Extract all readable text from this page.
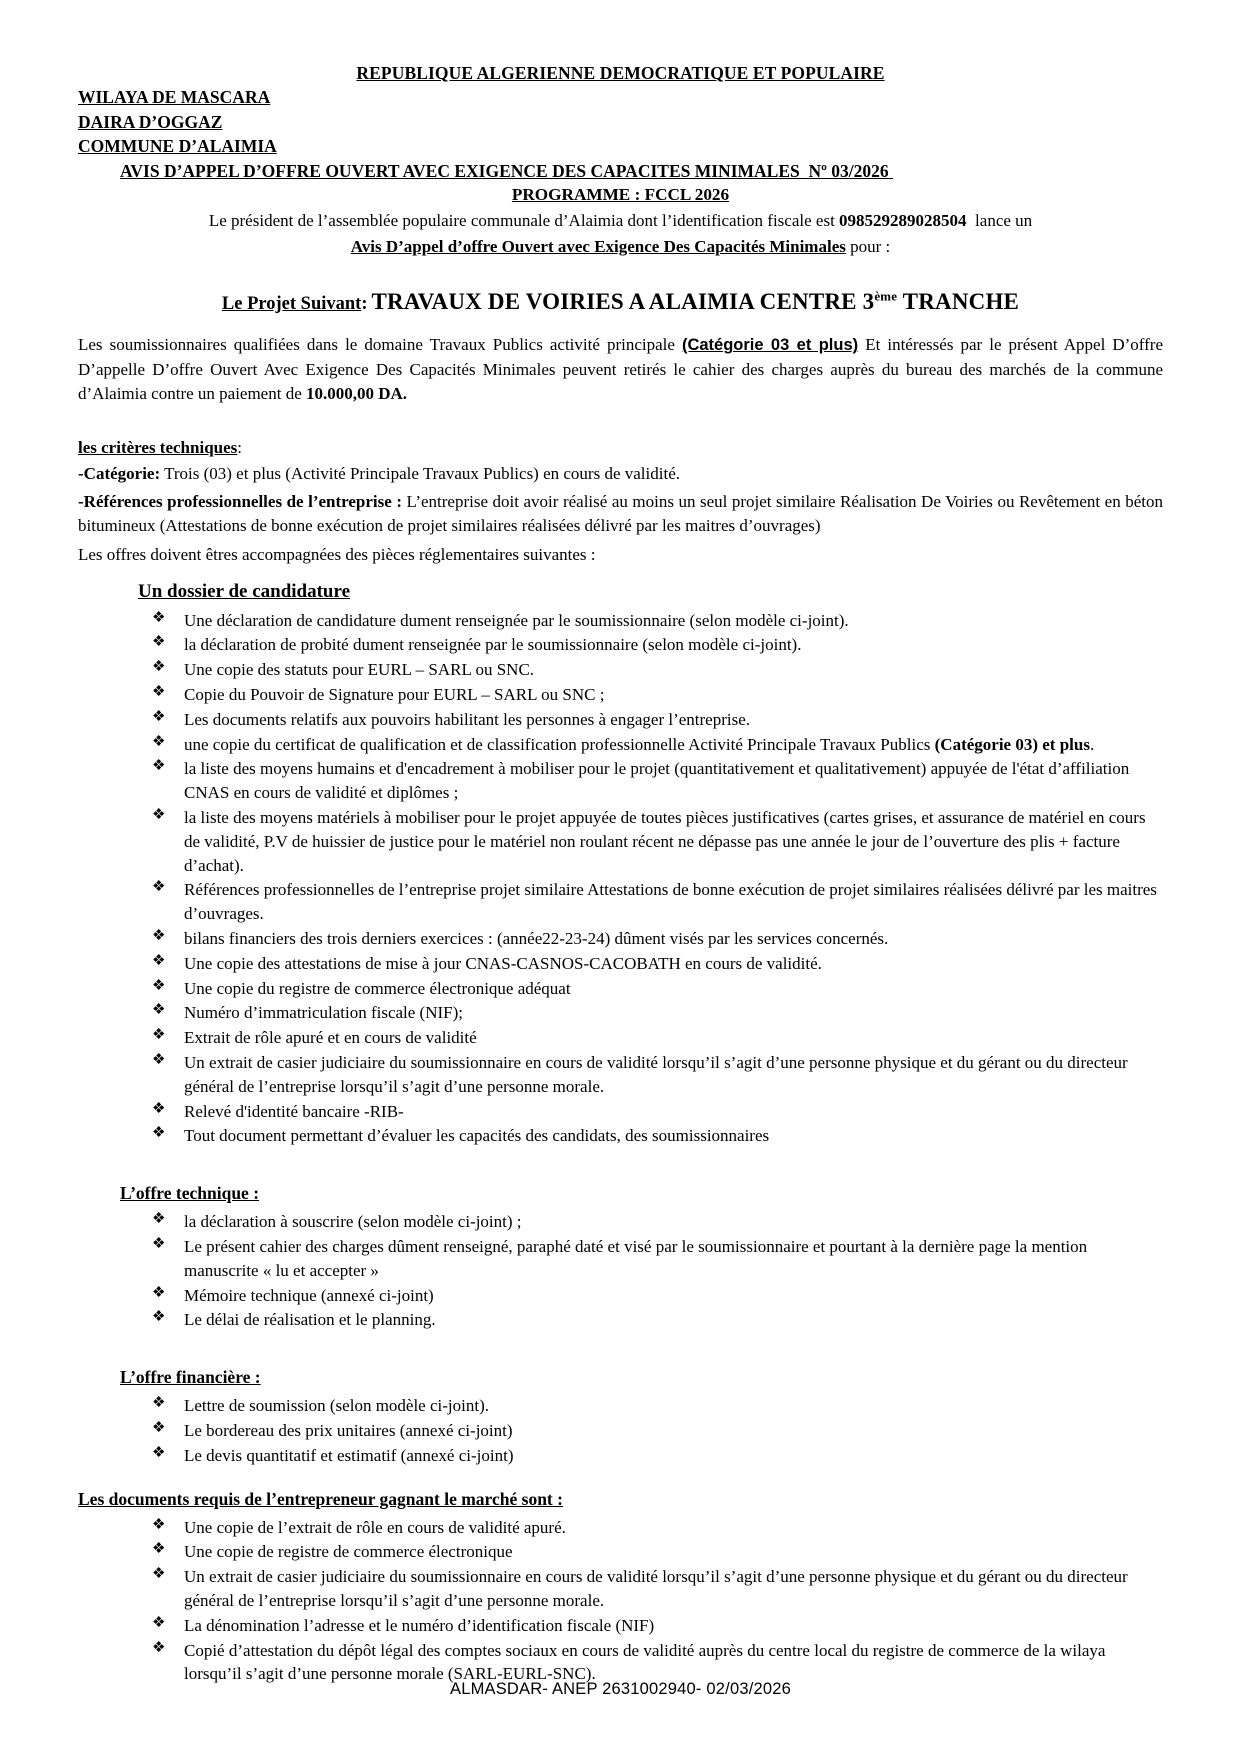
REPUBLIQUE ALGERIENNE DEMOCRATIQUE ET POPULAIRE
WILAYA DE MASCARA
DAIRA D’OGGAZ
COMMUNE D’ALAIMIA
AVIS D’APPEL D’OFFRE OUVERT AVEC EXIGENCE DES CAPACITES MINIMALES Nº 03/2026
PROGRAMME : FCCL 2026
Le président de l’assemblée populaire communale d’Alaimia dont l’identification fiscale est 098529289028504 lance un
Avis D’appel d’offre Ouvert avec Exigence Des Capacités Minimales pour :
Le Projet Suivant: TRAVAUX DE VOIRIES A ALAIMIA CENTRE 3ème TRANCHE
Les soumissionnaires qualifiées dans le domaine Travaux Publics activité principale (Catégorie 03 et plus) Et intéressés par le présent Appel D’offre D’appelle D’offre Ouvert Avec Exigence Des Capacités Minimales peuvent retirés le cahier des charges auprès du bureau des marchés de la commune d’Alaimia contre un paiement de 10.000,00 DA.
les critères techniques:
-Catégorie: Trois (03) et plus (Activité Principale Travaux Publics) en cours de validité.
-Références professionnelles de l’entreprise : L’entreprise doit avoir réalisé au moins un seul projet similaire Réalisation De Voiries ou Revêtement en béton bitumineux (Attestations de bonne exécution de projet similaires réalisées délivré par les maitres d’ouvrages)
Les offres doivent êtres accompagnées des pièces réglementaires suivantes :
Un dossier de candidature
❖ Une déclaration de candidature dument renseignée par le soumissionnaire (selon modèle ci-joint).
❖ la déclaration de probité dument renseignée par le soumissionnaire (selon modèle ci-joint).
❖ Une copie des statuts pour EURL – SARL ou SNC.
❖ Copie du Pouvoir de Signature pour EURL – SARL ou SNC ;
❖ Les documents relatifs aux pouvoirs habilitant les personnes à engager l’entreprise.
❖ une copie du certificat de qualification et de classification professionnelle Activité Principale Travaux Publics (Catégorie 03) et plus.
❖ la liste des moyens humains et d'encadrement à mobiliser pour le projet (quantitativement et qualitativement) appuyée de l'état d’affiliation CNAS en cours de validité et diplômes ;
❖ la liste des moyens matériels à mobiliser pour le projet appuyée de toutes pièces justificatives (cartes grises, et assurance de matériel en cours de validité, P.V de huissier de justice pour le matériel non roulant récent ne dépasse pas une année le jour de l’ouverture des plis + facture d’achat).
❖ Références professionnelles de l’entreprise projet similaire Attestations de bonne exécution de projet similaires réalisées délivré par les maitres d’ouvrages.
❖ bilans financiers des trois derniers exercices : (année22-23-24) dûment visés par les services concernés.
❖ Une copie des attestations de mise à jour CNAS-CASNOS-CACOBATH en cours de validité.
❖ Une copie du registre de commerce électronique adéquat
❖ Numéro d’immatriculation fiscale (NIF);
❖ Extrait de rôle apuré et en cours de validité
❖ Un extrait de casier judiciaire du soumissionnaire en cours de validité lorsqu’il s’agit d’une personne physique et du gérant ou du directeur général de l’entreprise lorsqu’il s’agit d’une personne morale.
❖ Relevé d'identité bancaire -RIB-
❖ Tout document permettant d’évaluer les capacités des candidats, des soumissionnaires
L’offre technique :
❖ la déclaration à souscrire (selon modèle ci-joint) ;
❖ Le présent cahier des charges dûment renseigné, paraphé daté et visé par le soumissionnaire et pourtant à la dernière page la mention manuscrite « lu et accepter »
❖ Mémoire technique (annexé ci-joint)
❖ Le délai de réalisation et le planning.
L’offre financière :
❖ Lettre de soumission (selon modèle ci-joint).
❖ Le bordereau des prix unitaires (annexé ci-joint)
❖ Le devis quantitatif et estimatif (annexé ci-joint)
Les documents requis de l’entrepreneur gagnant le marché sont :
❖ Une copie de l’extrait de rôle en cours de validité apuré.
❖ Une copie de registre de commerce électronique
❖ Un extrait de casier judiciaire du soumissionnaire en cours de validité lorsqu’il s’agit d’une personne physique et du gérant ou du directeur général de l’entreprise lorsqu’il s’agit d’une personne morale.
❖ La dénomination l’adresse et le numéro d’identification fiscale (NIF)
❖ Copié d’attestation du dépôt légal des comptes sociaux en cours de validité auprès du centre local du registre de commerce de la wilaya lorsqu’il s’agit d’une personne morale (SARL-EURL-SNC).
ALMASDAR- ANEP 2631002940- 02/03/2026
